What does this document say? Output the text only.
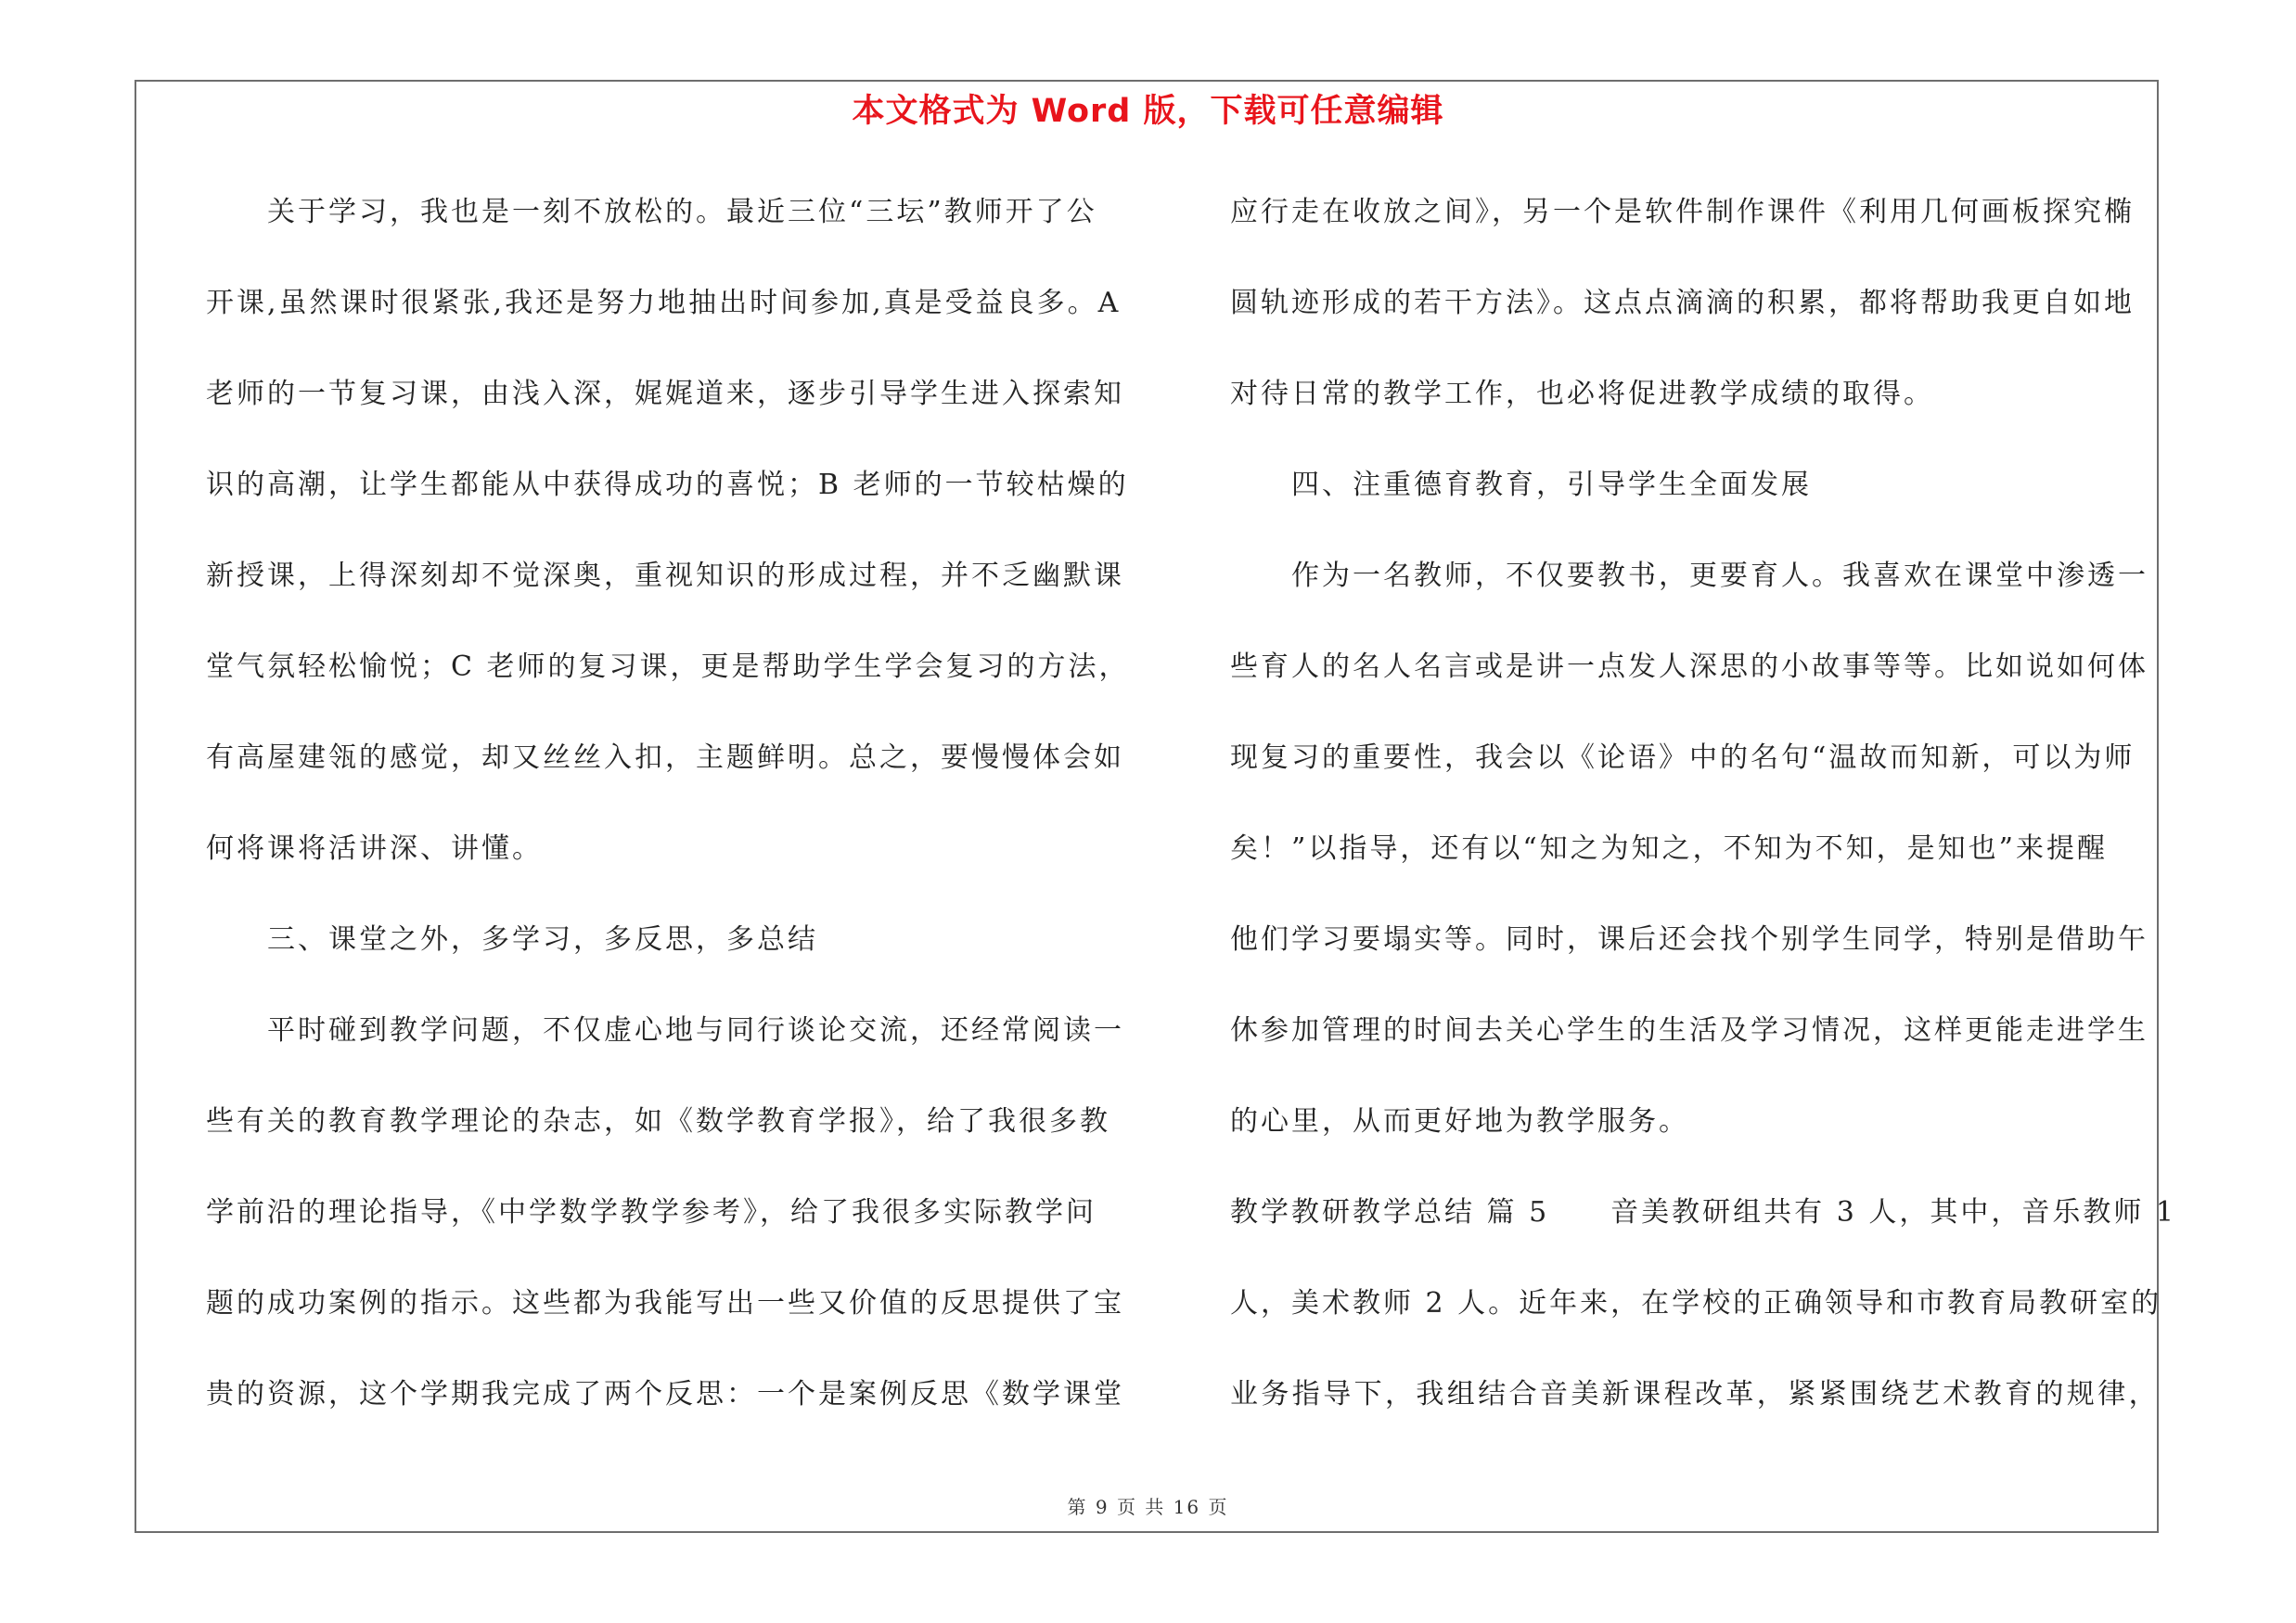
本文格式为 Word 版，下载可任意编辑
　　关于学习，我也是一刻不放松的。最近三位“三坛”教师开了公
开课,虽然课时很紧张,我还是努力地抽出时间参加,真是受益良多。A
老师的一节复习课，由浅入深，娓娓道来，逐步引导学生进入探索知
识的高潮，让学生都能从中获得成功的喜悦；B 老师的一节较枯燥的
新授课，上得深刻却不觉深奥，重视知识的形成过程，并不乏幽默课
堂气氛轻松愉悦；C 老师的复习课，更是帮助学生学会复习的方法，
有高屋建瓴的感觉，却又丝丝入扣，主题鲜明。总之，要慢慢体会如
何将课将活讲深、讲懂。
　　三、课堂之外，多学习，多反思，多总结
　　平时碰到教学问题，不仅虚心地与同行谈论交流，还经常阅读一
些有关的教育教学理论的杂志，如《数学教育学报》，给了我很多教
学前沿的理论指导，《中学数学教学参考》，给了我很多实际教学问
题的成功案例的指示。这些都为我能写出一些又价值的反思提供了宝
贵的资源，这个学期我完成了两个反思：一个是案例反思《数学课堂
应行走在收放之间》，另一个是软件制作课件《利用几何画板探究椭
圆轨迹形成的若干方法》。这点点滴滴的积累，都将帮助我更自如地
对待日常的教学工作，也必将促进教学成绩的取得。
　　四、注重德育教育，引导学生全面发展
　　作为一名教师，不仅要教书，更要育人。我喜欢在课堂中渗透一
些育人的名人名言或是讲一点发人深思的小故事等等。比如说如何体
现复习的重要性，我会以《论语》中的名句“温故而知新，可以为师
矣！”以指导，还有以“知之为知之，不知为不知，是知也”来提醒
他们学习要塌实等。同时，课后还会找个别学生同学，特别是借助午
休参加管理的时间去关心学生的生活及学习情况，这样更能走进学生
的心里，从而更好地为教学服务。
教学教研教学总结 篇 5　　音美教研组共有 3 人，其中，音乐教师 1
人，美术教师 2 人。近年来，在学校的正确领导和市教育局教研室的
业务指导下，我组结合音美新课程改革，紧紧围绕艺术教育的规律，
第 9 页 共 16 页
